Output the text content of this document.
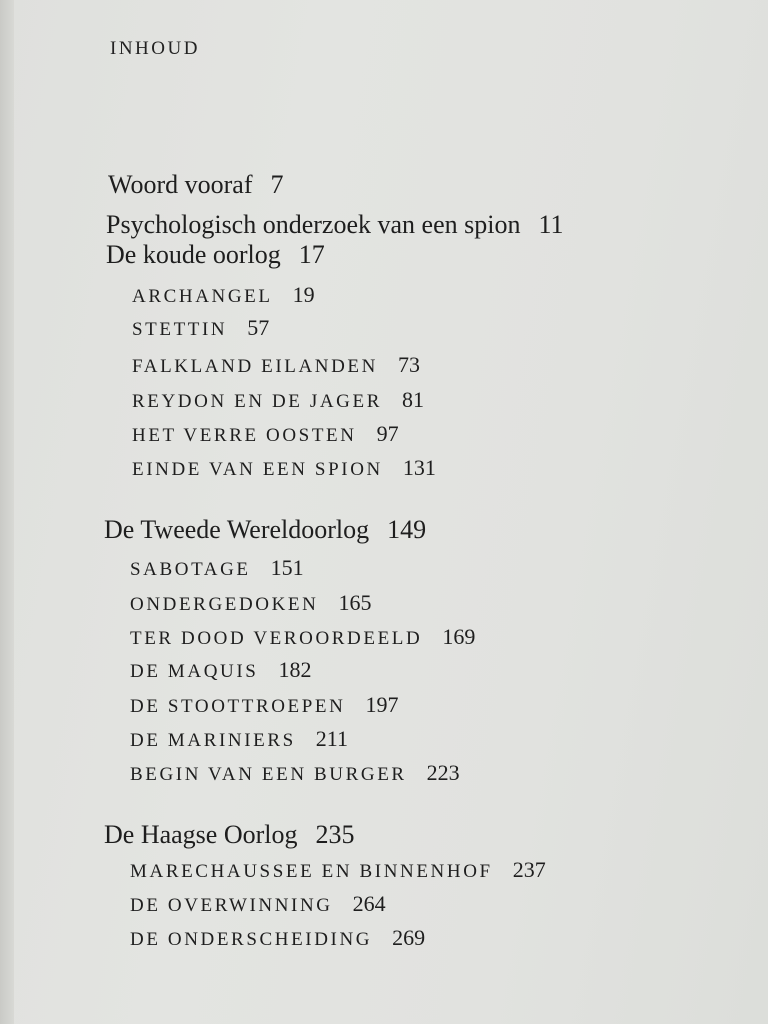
INHOUD
Woord vooraf 7
Psychologisch onderzoek van een spion 11
De koude oorlog 17
ARCHANGEL 19
STETTIN 57
FALKLAND EILANDEN 73
REYDON EN DE JAGER 81
HET VERRE OOSTEN 97
EINDE VAN EEN SPION 131
De Tweede Wereldoorlog 149
SABOTAGE 151
ONDERGEDOKEN 165
TER DOOD VEROORDEELD 169
DE MAQUIS 182
DE STOOTTROEPEN 197
DE MARINIERS 211
BEGIN VAN EEN BURGER 223
De Haagse Oorlog 235
MARECHAUSSEE EN BINNENHOF 237
DE OVERWINNING 264
DE ONDERSCHEIDING 269
